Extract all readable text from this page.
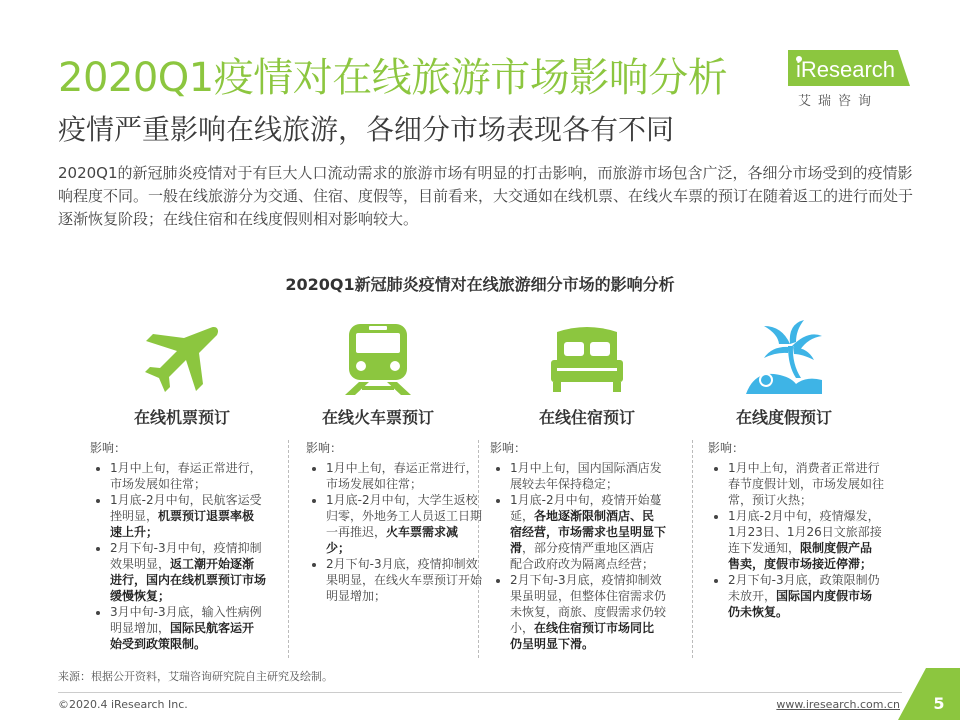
2020Q1疫情对在线旅游市场影响分析
疫情严重影响在线旅游，各细分市场表现各有不同
iResearch
艾瑞咨询

2020Q1的新冠肺炎疫情对于有巨大人口流动需求的旅游市场有明显的打击影响，而旅游市场包含广泛，各细分市场受到的疫情影响程度不同。一般在线旅游分为交通、住宿、度假等，目前看来，大交通如在线机票、在线火车票的预订在随着返工的进行而处于逐渐恢复阶段；在线住宿和在线度假则相对影响较大。

2020Q1新冠肺炎疫情对在线旅游细分市场的影响分析
在线机票预订	在线火车票预订	在线住宿预订	在线度假预订

影响：

• 1月中上旬，春运正常进行，市场发展如往常；
• 1月底-2月中旬，民航客运受挫明显，机票预订退票率极速上升；
• 2月下旬-3月中旬，疫情抑制效果明显，返工潮开始逐渐进行，国内在线机票预订市场缓慢恢复；
• 3月中旬-3月底，输入性病例明显增加，国际民航客运开始受到政策限制。

影响：

• 1月中上旬，春运正常进行，市场发展如往常；
• 1月底-2月中旬，大学生返校归零，外地务工人员返工日期一再推迟，火车票需求减少；
• 2月下旬-3月底，疫情抑制效果明显，在线火车票预订开始明显增加；

影响：

• 1月中上旬，国内国际酒店发展较去年保持稳定；
• 1月底-2月中旬，疫情开始蔓延，各地逐渐限制酒店、民宿经营，市场需求也呈明显下滑，部分疫情严重地区酒店配合政府改为隔离点经营；
• 2月下旬-3月底，疫情抑制效果虽明显，但整体住宿需求仍未恢复，商旅、度假需求仍较小，在线住宿预订市场同比仍呈明显下滑。

影响：

• 1月中上旬，消费者正常进行春节度假计划，市场发展如往常，预订火热；
• 1月底-2月中旬，疫情爆发，1月23日、1月26日文旅部接连下发通知，限制度假产品售卖，度假市场接近停滞；
• 2月下旬-3月底，政策限制仍未放开，国际国内度假市场仍未恢复。
来源：根据公开资料，艾瑞咨询研究院自主研究及绘制。
©2020.4 iResearch Inc.	www.iresearch.com.cn	5
